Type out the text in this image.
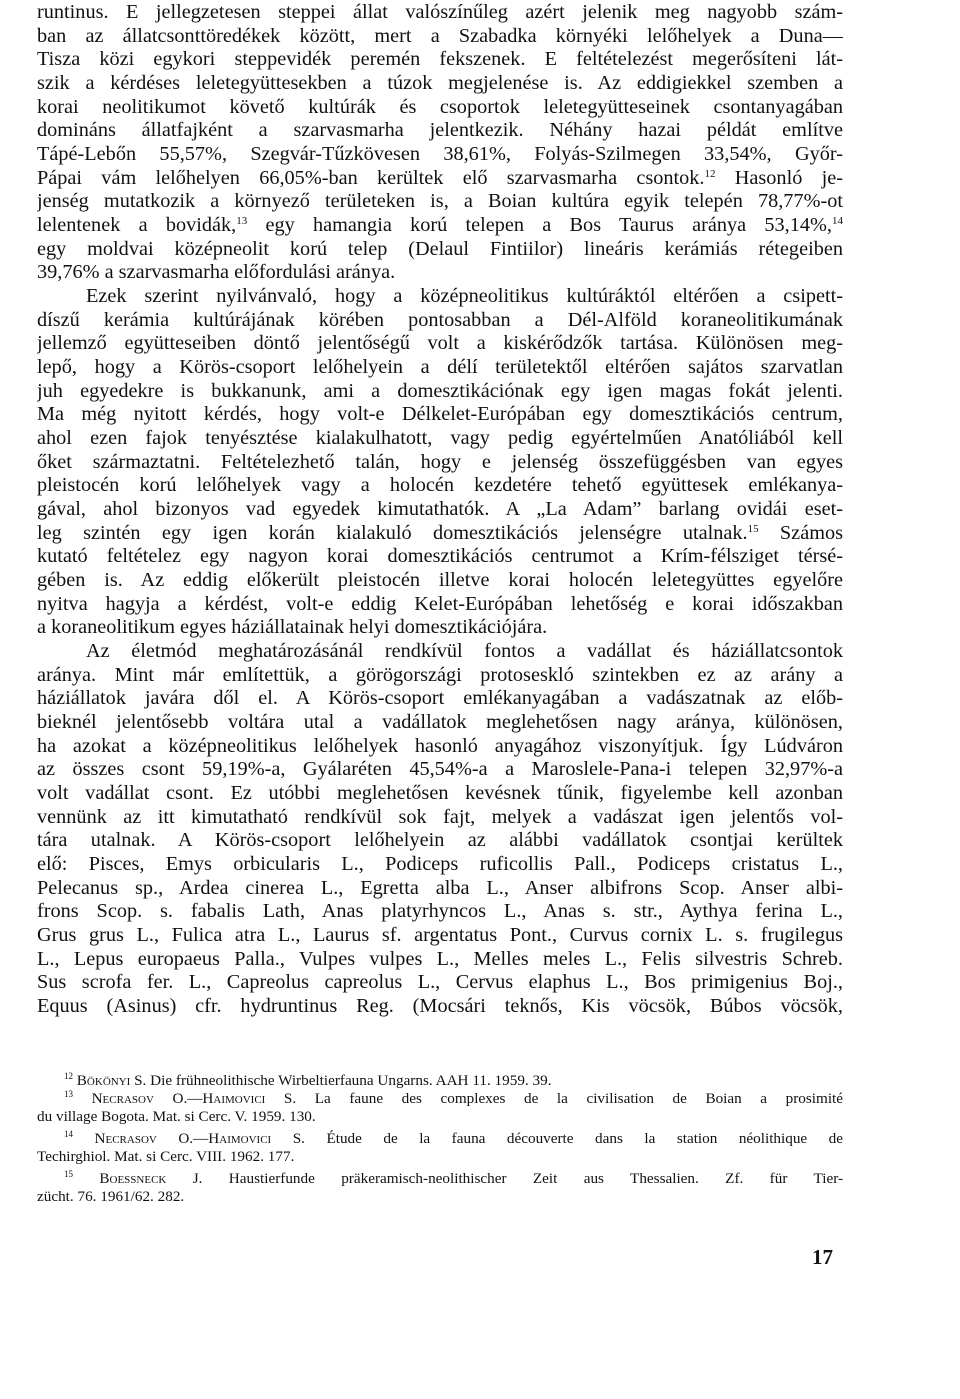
runtinus. E jellegzetesen steppei állat valószínűleg azért jelenik meg nagyobb szám-
ban az állatcsonttöredékek között, mert a Szabadka környéki lelőhelyek a Duna—
Tisza közi egykori steppevidék peremén fekszenek. E feltételezést megerősíteni lát-
szik a kérdéses leletegyüttesekben a túzok megjelenése is. Az eddigiekkel szemben a
korai neolitikumot követő kultúrák és csoportok leletegyütteseinek csontanyagában
domináns állatfajként a szarvasmarha jelentkezik. Néhány hazai példát említve
Tápé-Lebőn 55,57%, Szegvár-Tűzkövesen 38,61%, Folyás-Szilmegen 33,54%, Győr-
Pápai vám lelőhelyen 66,05%-ban kerültek elő szarvasmarha csontok.$^{12}$ Hasonló je-
jenség mutatkozik a környező területeken is, a Boian kultúra egyik telepén 78,77%-ot
lelentenek a bovidák,$^{13}$ egy hamangia korú telepen a Bos Taurus aránya 53,14%,$^{14}$
egy moldvai középneolit korú telep (Delaul Fintiilor) lineáris kerámiás rétegeiben
39,76% a szarvasmarha előfordulási aránya.
Ezek szerint nyilvánvaló, hogy a középneolitikus kultúráktól eltérően a csipett-
díszű kerámia kultúrájának körében pontosabban a Dél-Alföld koraneolitikumának
jellemző együtteseiben döntő jelentőségű volt a kiskérődzők tartása. Különösen meg-
lepő, hogy a Körös-csoport lelőhelyein a délí területektől eltérően sajátos szarvatlan
juh egyedekre is bukkanunk, ami a domesztikációnak egy igen magas fokát jelenti.
Ma még nyitott kérdés, hogy volt-e Délkelet-Európában egy domesztikációs centrum,
ahol ezen fajok tenyésztése kialakulhatott, vagy pedig egyértelműen Anatóliából kell
őket származtatni. Feltételezhető talán, hogy e jelenség összefüggésben van egyes
pleistocén korú lelőhelyek vagy a holocén kezdetére tehető együttesek emlékanya-
gával, ahol bizonyos vad egyedek kimutathatók. A „La Adam” barlang ovidái eset-
leg szintén egy igen korán kialakuló domesztikációs jelenségre utalnak.$^{15}$ Számos
kutató feltételez egy nagyon korai domesztikációs centrumot a Krím-félsziget térsé-
gében is. Az eddig előkerült pleistocén illetve korai holocén leletegyüttes egyelőre
nyitva hagyja a kérdést, volt-e eddig Kelet-Európában lehetőség e korai időszakban
a koraneolitikum egyes háziállatainak helyi domesztikációjára.
Az életmód meghatározásánál rendkívül fontos a vadállat és háziállatcsontok
aránya. Mint már említettük, a görögországi protoseskló szintekben ez az arány a
háziállatok javára dől el. A Körös-csoport emlékanyagában a vadászatnak az előb-
bieknél jelentősebb voltára utal a vadállatok meglehetősen nagy aránya, különösen,
ha azokat a középneolitikus lelőhelyek hasonló anyagához viszonyítjuk. Így Lúdváron
az összes csont 59,19%-a, Gyálaréten 45,54%-a a Maroslele-Pana-i telepen 32,97%-a
volt vadállat csont. Ez utóbbi meglehetősen kevésnek tűnik, figyelembe kell azonban
vennünk az itt kimutatható rendkívül sok fajt, melyek a vadászat igen jelentős vol-
tára utalnak. A Körös-csoport lelőhelyein az alábbi vadállatok csontjai kerültek
elő: Pisces, Emys orbicularis L., Podiceps ruficollis Pall., Podiceps cristatus L.,
Pelecanus sp., Ardea cinerea L., Egretta alba L., Anser albifrons Scop. Anser albi-
frons Scop. s. fabalis Lath, Anas platyrhyncos L., Anas s. str., Aythya ferina L.,
Grus grus L., Fulica atra L., Laurus sf. argentatus Pont., Curvus cornix L. s. frugilegus
L., Lepus europaeus Palla., Vulpes vulpes L., Melles meles L., Felis silvestris Schreb.
Sus scrofa fer. L., Capreolus capreolus L., Cervus elaphus L., Bos primigenius Boj.,
Equus (Asinus) cfr. hydruntinus Reg. (Mocsári teknős, Kis vöcsök, Búbos vöcsök,
$^{12}$ Bökönyi S. Die frühneolithische Wirbeltierfauna Ungarns. AAH 11. 1959. 39.
$^{13}$ Necrasov O.—Haimovici S. La faune des complexes de la civilisation de Boian a prosimité
du village Bogota. Mat. si Cerc. V. 1959. 130.
$^{14}$ Necrasov O.—Haimovici S. Étude de la fauna découverte dans la station néolithique de
Techirghiol. Mat. si Cerc. VIII. 1962. 177.
$^{15}$ Boessneck J. Haustierfunde präkeramisch-neolithischer Zeit aus Thessalien. Zf. für Tier-
zücht. 76. 1961/62. 282.
17
